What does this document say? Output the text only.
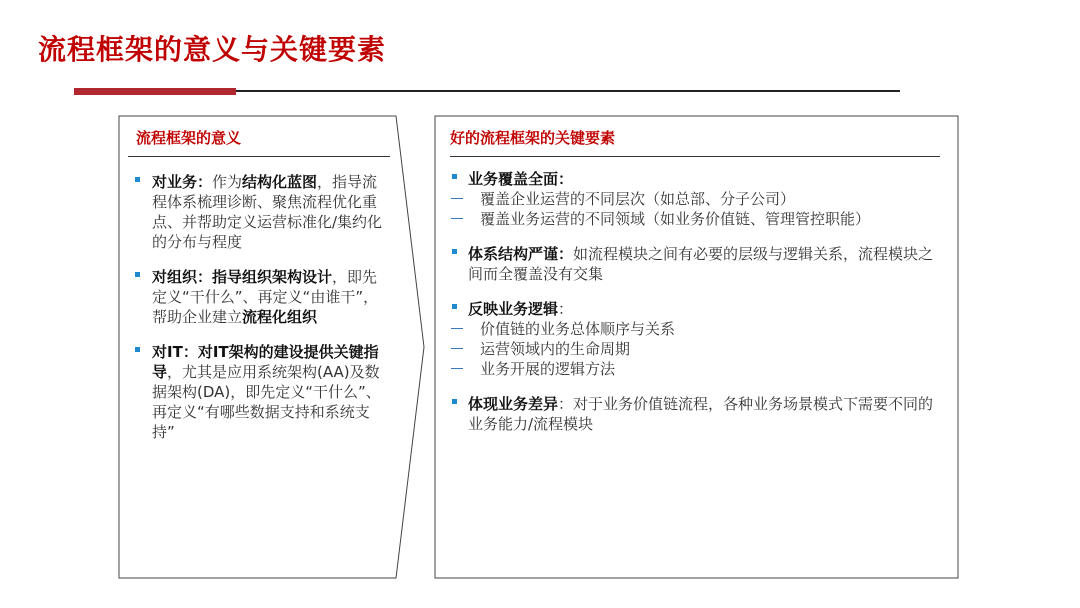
流程框架的意义与关键要素
流程框架的意义
对业务：作为结构化蓝图，指导流程体系梳理诊断、聚焦流程优化重点、并帮助定义运营标准化/集约化的分布与程度
对组织：指导组织架构设计，即先定义“干什么”、再定义“由谁干”，帮助企业建立流程化组织
对IT：对IT架构的建设提供关键指导，尤其是应用系统架构(AA)及数据架构(DA)，即先定义“干什么”、再定义“有哪些数据支持和系统支持”
好的流程框架的关键要素
业务覆盖全面：
覆盖企业运营的不同层次（如总部、分子公司）
覆盖业务运营的不同领域（如业务价值链、管理管控职能）
体系结构严谨：如流程模块之间有必要的层级与逻辑关系，流程模块之间而全覆盖没有交集
反映业务逻辑：
价值链的业务总体顺序与关系
运营领域内的生命周期
业务开展的逻辑方法
体现业务差异：对于业务价值链流程，各种业务场景模式下需要不同的业务能力/流程模块
